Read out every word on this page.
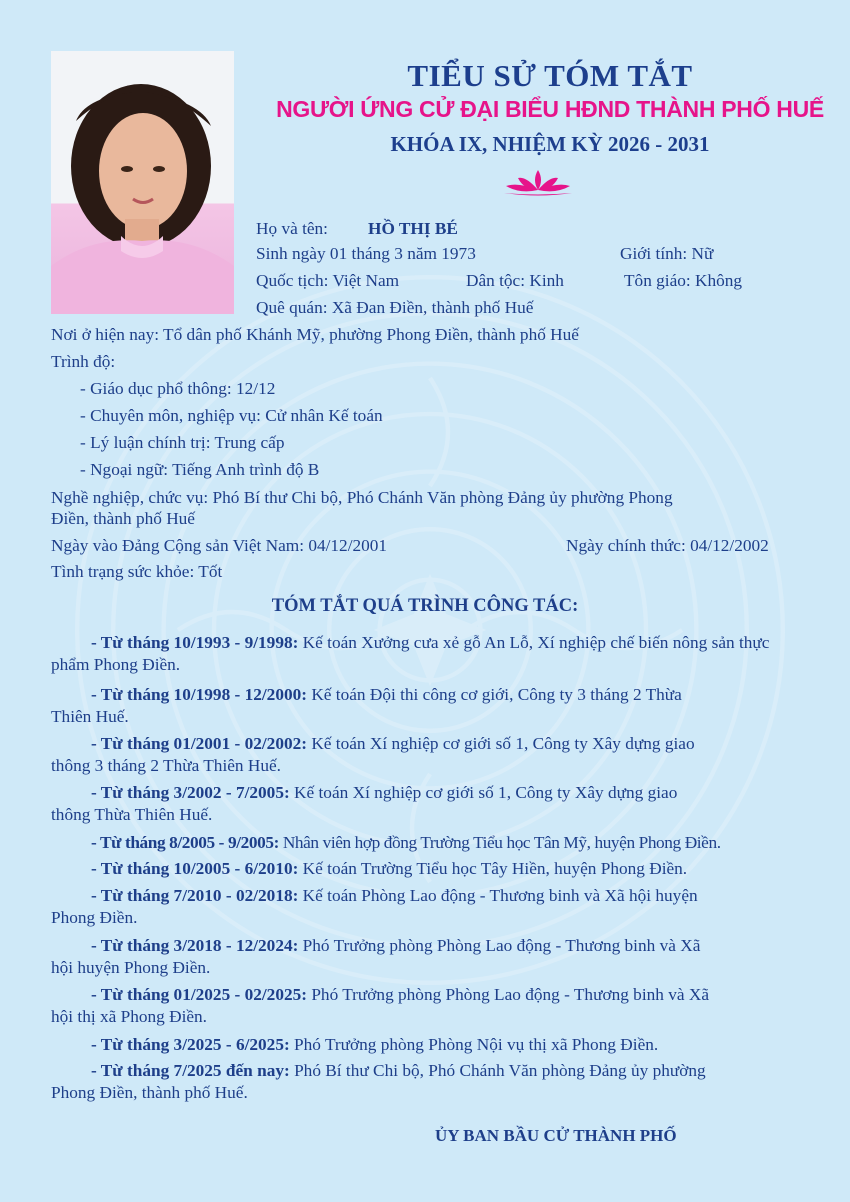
TIỂU SỬ TÓM TẮT
NGƯỜI ỨNG CỬ ĐẠI BIỂU HĐND THÀNH PHỐ HUẾ
KHÓA IX, NHIỆM KỲ 2026 - 2031
Họ và tên: HỒ THỊ BÉ
Sinh ngày 01 tháng 3 năm 1973	Giới tính: Nữ
Quốc tịch: Việt Nam	Dân tộc: Kinh	Tôn giáo: Không
Quê quán: Xã Đan Điền, thành phố Huế
Nơi ở hiện nay: Tổ dân phố Khánh Mỹ, phường Phong Điền, thành phố Huế
Trình độ:
- Giáo dục phổ thông: 12/12
- Chuyên môn, nghiệp vụ: Cử nhân Kế toán
- Lý luận chính trị: Trung cấp
- Ngoại ngữ: Tiếng Anh trình độ B
Nghề nghiệp, chức vụ: Phó Bí thư Chi bộ, Phó Chánh Văn phòng Đảng ủy phường Phong
Điền, thành phố Huế
Ngày vào Đảng Cộng sản Việt Nam: 04/12/2001	Ngày chính thức: 04/12/2002
Tình trạng sức khỏe: Tốt
TÓM TẮT QUÁ TRÌNH CÔNG TÁC:
- Từ tháng 10/1993 - 9/1998: Kế toán Xưởng cưa xẻ gỗ An Lỗ, Xí nghiệp chế biến nông sản thực
phẩm Phong Điền.
- Từ tháng 10/1998 - 12/2000: Kế toán Đội thi công cơ giới, Công ty 3 tháng 2 Thừa
Thiên Huế.
- Từ tháng 01/2001 - 02/2002: Kế toán Xí nghiệp cơ giới số 1, Công ty Xây dựng giao
thông 3 tháng 2 Thừa Thiên Huế.
- Từ tháng 3/2002 - 7/2005: Kế toán Xí nghiệp cơ giới số 1, Công ty Xây dựng giao
thông Thừa Thiên Huế.
- Từ tháng 8/2005 - 9/2005: Nhân viên hợp đồng Trường Tiểu học Tân Mỹ, huyện Phong Điền.
- Từ tháng 10/2005 - 6/2010: Kế toán Trường Tiểu học Tây Hiền, huyện Phong Điền.
- Từ tháng 7/2010 - 02/2018: Kế toán Phòng Lao động - Thương binh và Xã hội huyện
Phong Điền.
- Từ tháng 3/2018 - 12/2024: Phó Trưởng phòng Phòng Lao động - Thương binh và Xã
hội huyện Phong Điền.
- Từ tháng 01/2025 - 02/2025: Phó Trưởng phòng Phòng Lao động - Thương binh và Xã
hội thị xã Phong Điền.
- Từ tháng 3/2025 - 6/2025: Phó Trưởng phòng Phòng Nội vụ thị xã Phong Điền.
- Từ tháng 7/2025 đến nay: Phó Bí thư Chi bộ, Phó Chánh Văn phòng Đảng ủy phường
Phong Điền, thành phố Huế.
ỦY BAN BẦU CỬ THÀNH PHỐ
